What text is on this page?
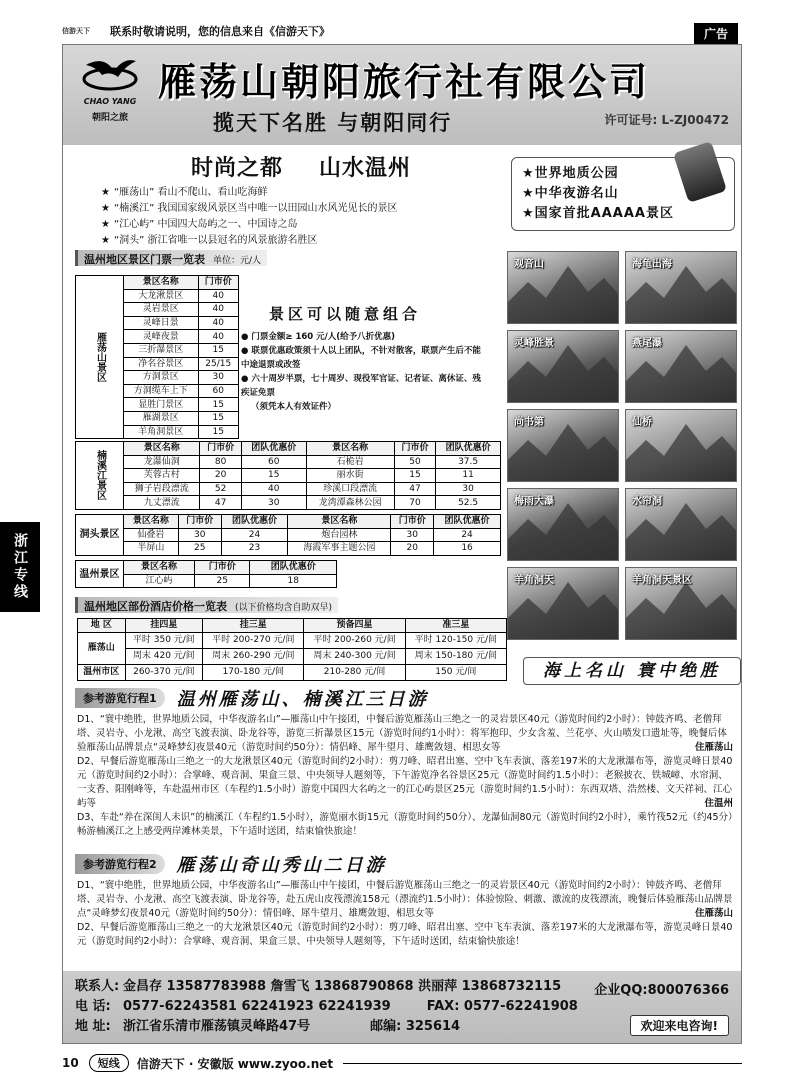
信游天下	联系时敬请说明，您的信息来自《信游天下》	广告
浙江专线
CHAO YANG
朝阳之旅
雁荡山朝阳旅行社有限公司
揽天下名胜 与朝阳同行	许可证号: L-ZJ00472
时尚之都 山水温州
★ “雁荡山” 看山不爬山、看山吃海鲜
★ “楠溪江” 我国国家级风景区当中唯一以田园山水风光见长的景区
★ “江心屿” 中国四大岛屿之一、中国诗之岛
★ “洞头” 浙江省唯一以县冠名的风景旅游名胜区
★世界地质公园
★中华夜游名山
★国家首批AAAAA景区
温州地区景区门票一览表 单位：元/人
雁荡山景区	景区名称	门市价
	大龙湫景区	40
	灵岩景区	40
	灵峰日景	40
	灵峰夜景	40
	三折瀑景区	15
	净名谷景区	25/15
	方洞景区	30
	方洞缆车上下	60
	显胜门景区	15
	雁湖景区	15
	羊角洞景区	15
景区可以随意组合

● 门票金额≥ 160 元/人(给予八折优惠)

● 联票优惠政策须十人以上团队，不针对散客，联票产生后不能中途退票或改签

● 六十周岁半票，七十周岁、现役军官证、记者证、离休证、残疾证免票

（须凭本人有效证件）

楠溪江景区	景区名称	门市价	团队优惠价	景区名称	门市价	团队优惠价
	龙瀑仙洞	80	60	石桅岩	50	37.5
	芙蓉古村	20	15	丽水街	15	11
	狮子岩段漂流	52	40	珍溪口段漂流	47	30
	九丈漂流	47	30	龙湾潭森林公园	70	52.5
洞头景区	景区名称	门市价	团队优惠价	景区名称	门市价	团队优惠价
	仙叠岩	30	24	炮台园林	30	24
	半屏山	25	23	海霞军事主题公园	20	16
温州景区	景区名称	门市价	团队优惠价
	江心屿	25	18
观音山	海龟出海
灵峰胜景	燕尾瀑
尚书第	仙桥
梅雨大瀑	水帘洞
羊角洞天	羊角洞天景区
海上名山 寰中绝胜
温州地区部份酒店价格一览表 (以下价格均含自助双早)
地 区	挂四星	挂三星	预备四星	准三星
雁荡山	平时 350 元/间	平时 200-270 元/间	平时 200-260 元/间	平时 120-150 元/间
	周末 420 元/间	周末 260-290 元/间	周末 240-300 元/间	周末 150-180 元/间
温州市区	260-370 元/间	170-180 元/间	210-280 元/间	150 元/间
参考游览行程1	温州雁荡山、楠溪江三日游
D1、“寰中绝胜，世界地质公园，中华夜游名山”—雁荡山中午接团，中餐后游览雁荡山三绝之一的灵岩景区40元（游览时间约2小时）：钟鼓齐鸣、老僧拜塔、灵岩寺、小龙湫、高空飞渡表演、卧龙谷等，游览三折瀑景区15元（游览时间约1小时）：将军抱印、少女含羞、兰花亭、火山喷发口遗址等，晚餐后体验雁荡山品牌景点“灵峰梦幻夜景40元（游览时间约50分）：情侣峰、犀牛望月、雄鹰敛翅、相思女等	住雁荡山
D2、早餐后游览雁荡山三绝之一的大龙湫景区40元（游览时间约2小时）：剪刀峰、昭君出塞、空中飞车表演、落差197米的大龙湫瀑布等，游览灵峰日景40元（游览时间约2小时）：合掌峰、观音洞、果盒三景、中央领导人题刻等，下午游览净名谷景区25元（游览时间约1.5小时）：老猴披衣、铁城嶂、水帘洞、一支香、阳刚峰等，车赴温州市区（车程约1.5小时）游览中国四大名屿之一的江心屿景区25元（游览时间约1.5小时）：东西双塔、浩然楼、文天祥祠、江心屿等	住温州
D3、车赴“养在深闺人未识”的楠溪江（车程约1.5小时），游览丽水街15元（游览时间约50分）、龙瀑仙洞80元（游览时间约2小时），乘竹筏52元（约45分）畅游楠溪江之上感受两岸滩林美景，下午适时送团，结束愉快旅途！
参考游览行程2	雁荡山奇山秀山二日游
D1、“寰中绝胜，世界地质公园，中华夜游名山”—雁荡山中午接团，中餐后游览雁荡山三绝之一的灵岩景区40元（游览时间约2小时）：钟鼓齐鸣、老僧拜塔、灵岩寺、小龙湫、高空飞渡表演、卧龙谷等，赴五虎山皮筏漂流158元（漂流约1.5小时）：体验惊险、刺激、激流的皮筏漂流，晚餐后体验雁荡山品牌景点“灵峰梦幻夜景40元（游览时间约50分）：情侣峰、犀牛望月、雄鹰敛翅、相思女等	住雁荡山
D2、早餐后游览雁荡山三绝之一的大龙湫景区40元（游览时间约2小时）：剪刀峰、昭君出塞、空中飞车表演、落差197米的大龙湫瀑布等，游览灵峰日景40元（游览时间约2小时）：合掌峰、观音洞、果盒三景、中央领导人题刻等，下午适时送团，结束愉快旅途！
联系人: 金昌存 13587783988 詹雪飞 13868790868 洪丽萍 13868732115
电 话: 0577-62243581 62241923 62241939	FAX: 0577-62241908
地 址: 浙江省乐清市雁荡镇灵峰路47号	邮编: 325614
企业QQ:800076366
欢迎来电咨询!
10	短线	信游天下 · 安徽版 www.zyoo.net
